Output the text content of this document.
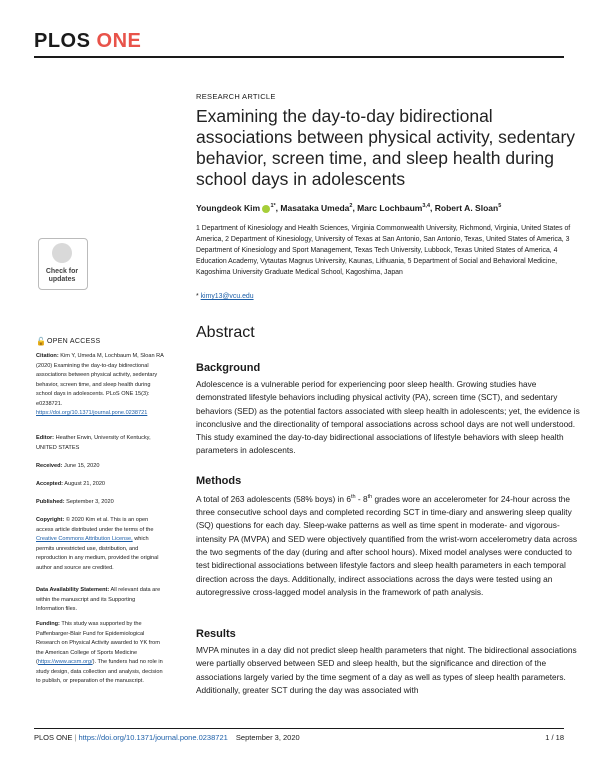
PLOS ONE
RESEARCH ARTICLE
Examining the day-to-day bidirectional associations between physical activity, sedentary behavior, screen time, and sleep health during school days in adolescents
Youngdeok Kim $^{1*}$, Masataka Umeda$^2$, Marc Lochbaum$^{3,4}$, Robert A. Sloan$^5$
1 Department of Kinesiology and Health Sciences, Virginia Commonwealth University, Richmond, Virginia, United States of America, 2 Department of Kinesiology, University of Texas at San Antonio, San Antonio, Texas, United States of America, 3 Department of Kinesiology and Sport Management, Texas Tech University, Lubbock, Texas United States of America, 4 Education Academy, Vytautas Magnus University, Kaunas, Lithuania, 5 Department of Social and Behavioral Medicine, Kagoshima University Graduate Medical School, Kagoshima, Japan
* kimy13@vcu.edu
Abstract
Background
Adolescence is a vulnerable period for experiencing poor sleep health. Growing studies have demonstrated lifestyle behaviors including physical activity (PA), screen time (SCT), and sedentary behaviors (SED) as the potential factors associated with sleep health in adolescents; yet, the evidence is inconclusive and the directionality of temporal associations across school days are not well understood. This study examined the day-to-day bidirectional associations of lifestyle behaviors with sleep health parameters in adolescents.
Methods
A total of 263 adolescents (58% boys) in 6th - 8th grades wore an accelerometer for 24-hour across the three consecutive school days and completed recording SCT in time-diary and answering sleep quality (SQ) questions for each day. Sleep-wake patterns as well as time spent in moderate- and vigorous-intensity PA (MVPA) and SED were objectively quantified from the wrist-worn accelerometry data across the two segments of the day (during and after school hours). Mixed model analyses were conducted to test bidirectional associations between lifestyle factors and sleep health parameters in each temporal direction across the days. Additionally, indirect associations across the days were tested using an autoregressive cross-lagged model analysis in the framework of path analysis.
Results
MVPA minutes in a day did not predict sleep health parameters that night. The bidirectional associations were partially observed between SED and sleep health, but the significance and direction of the associations largely varied by the time segment of a day as well as types of sleep health parameters. Additionally, greater SCT during the day was associated with
Check for
updates
🔓 OPEN ACCESS
Citation: Kim Y, Umeda M, Lochbaum M, Sloan RA (2020) Examining the day-to-day bidirectional associations between physical activity, sedentary behavior, screen time, and sleep health during school days in adolescents. PLoS ONE 15(3): e0238721. https://doi.org/10.1371/journal.pone.0238721
Editor: Heather Erwin, University of Kentucky, UNITED STATES
Received: June 15, 2020
Accepted: August 21, 2020
Published: September 3, 2020
Copyright: © 2020 Kim et al. This is an open access article distributed under the terms of the Creative Commons Attribution License, which permits unrestricted use, distribution, and reproduction in any medium, provided the original author and source are credited.
Data Availability Statement: All relevant data are within the manuscript and its Supporting Information files.
Funding: This study was supported by the Paffenbarger-Blair Fund for Epidemiological Research on Physical Activity awarded to YK from the American College of Sports Medicine (https://www.acsm.org/). The funders had no role in study design, data collection and analysis, decision to publish, or preparation of the manuscript.
PLOS ONE | https://doi.org/10.1371/journal.pone.0238721 September 3, 2020	1 / 18
